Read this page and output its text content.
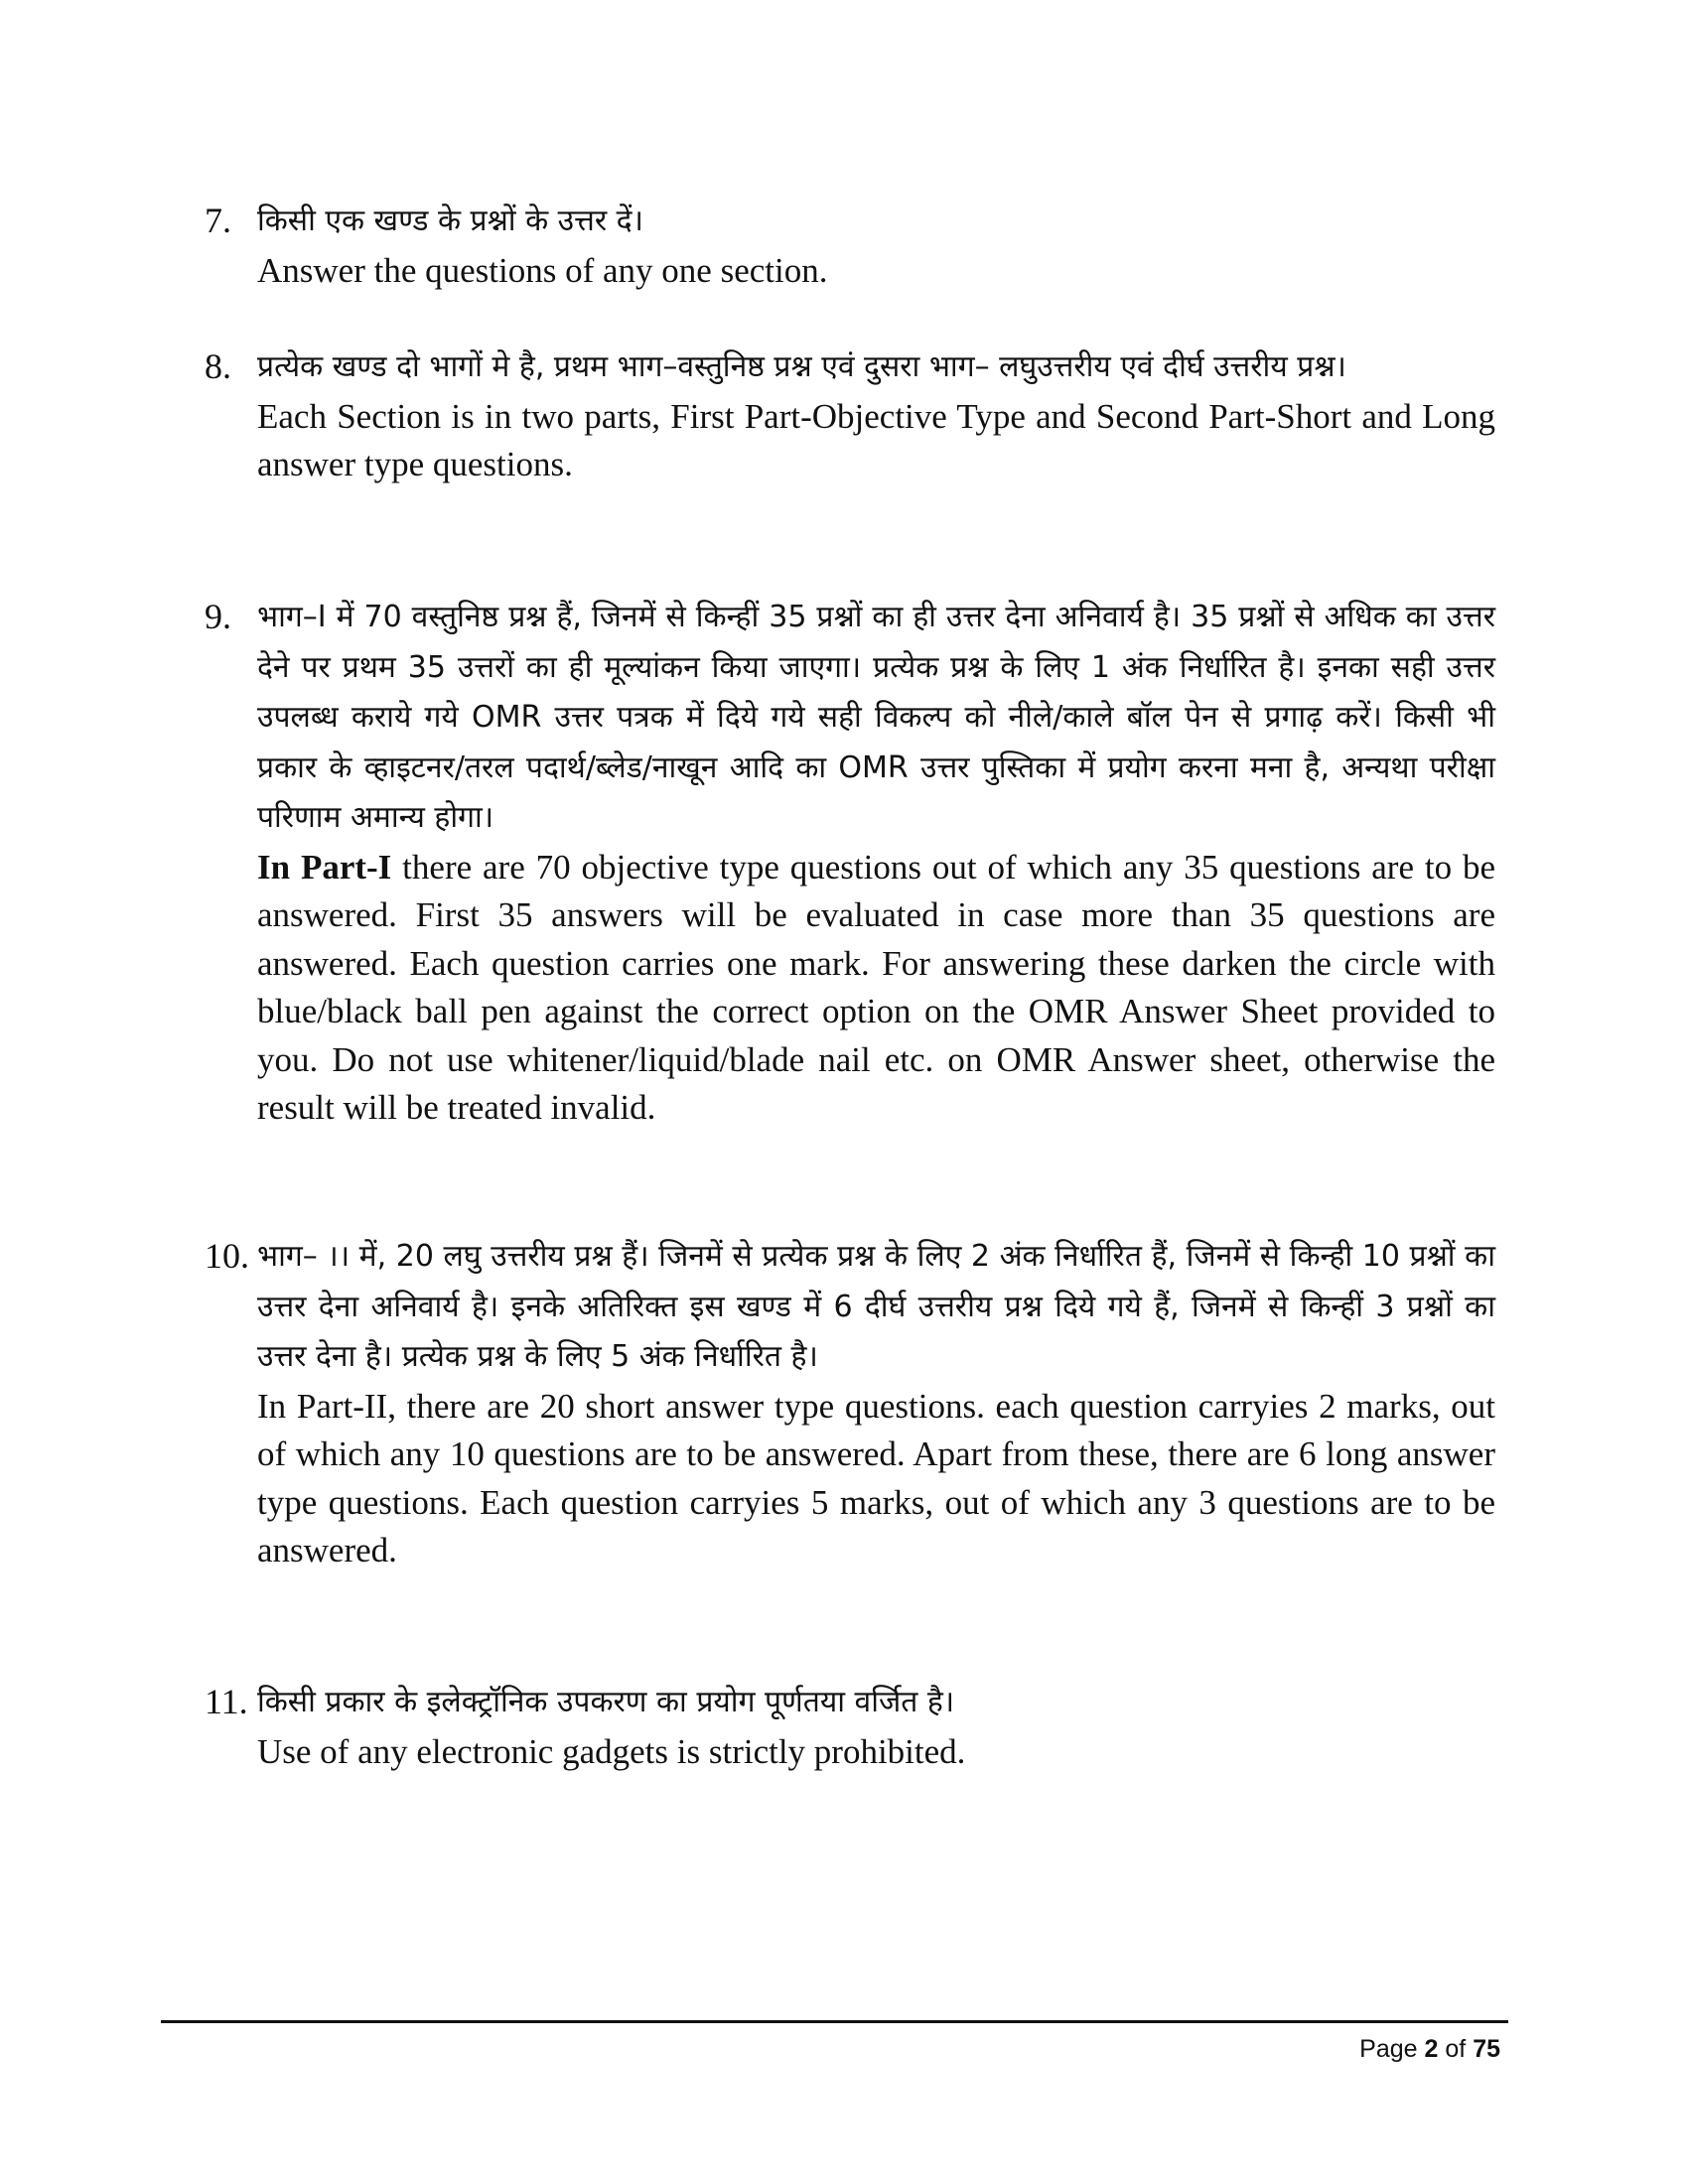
7. किसी एक खण्ड के प्रश्नों के उत्तर दें।
Answer the questions of any one section.
8. प्रत्येक खण्ड दो भागों मे है, प्रथम भाग–वस्तुनिष्ठ प्रश्न एवं दुसरा भाग– लघुउत्तरीय एवं दीर्घ उत्तरीय प्रश्न।
Each Section is in two parts, First Part-Objective Type and Second Part-Short and Long answer type questions.
9. भाग–I में 70 वस्तुनिष्ठ प्रश्न हैं, जिनमें से किन्हीं 35 प्रश्नों का ही उत्तर देना अनिवार्य है। 35 प्रश्नों से अधिक का उत्तर देने पर प्रथम 35 उत्तरों का ही मूल्यांकन किया जाएगा। प्रत्येक प्रश्न के लिए 1 अंक निर्धारित है। इनका सही उत्तर उपलब्ध कराये गये OMR उत्तर पत्रक में दिये गये सही विकल्प को नीले/काले बॉल पेन से प्रगाढ़ करें। किसी भी प्रकार के व्हाइटनर/तरल पदार्थ/ब्लेड/नाखून आदि का OMR उत्तर पुस्तिका में प्रयोग करना मना है, अन्यथा परीक्षा परिणाम अमान्य होगा।
In Part-I there are 70 objective type questions out of which any 35 questions are to be answered. First 35 answers will be evaluated in case more than 35 questions are answered. Each question carries one mark. For answering these darken the circle with blue/black ball pen against the correct option on the OMR Answer Sheet provided to you. Do not use whitener/liquid/blade nail etc. on OMR Answer sheet, otherwise the result will be treated invalid.
10. भाग– ।। में, 20 लघु उत्तरीय प्रश्न हैं। जिनमें से प्रत्येक प्रश्न के लिए 2 अंक निर्धारित हैं, जिनमें से किन्ही 10 प्रश्नों का उत्तर देना अनिवार्य है। इनके अतिरिक्त इस खण्ड में 6 दीर्घ उत्तरीय प्रश्न दिये गये हैं, जिनमें से किन्हीं 3 प्रश्नों का उत्तर देना है। प्रत्येक प्रश्न के लिए 5 अंक निर्धारित है।
In Part-II, there are 20 short answer type questions. each question carryies 2 marks, out of which any 10 questions are to be answered. Apart from these, there are 6 long answer type questions. Each question carryies 5 marks, out of which any 3 questions are to be answered.
11. किसी प्रकार के इलेक्ट्रॉनिक उपकरण का प्रयोग पूर्णतया वर्जित है।
Use of any electronic gadgets is strictly prohibited.
Page 2 of 75
